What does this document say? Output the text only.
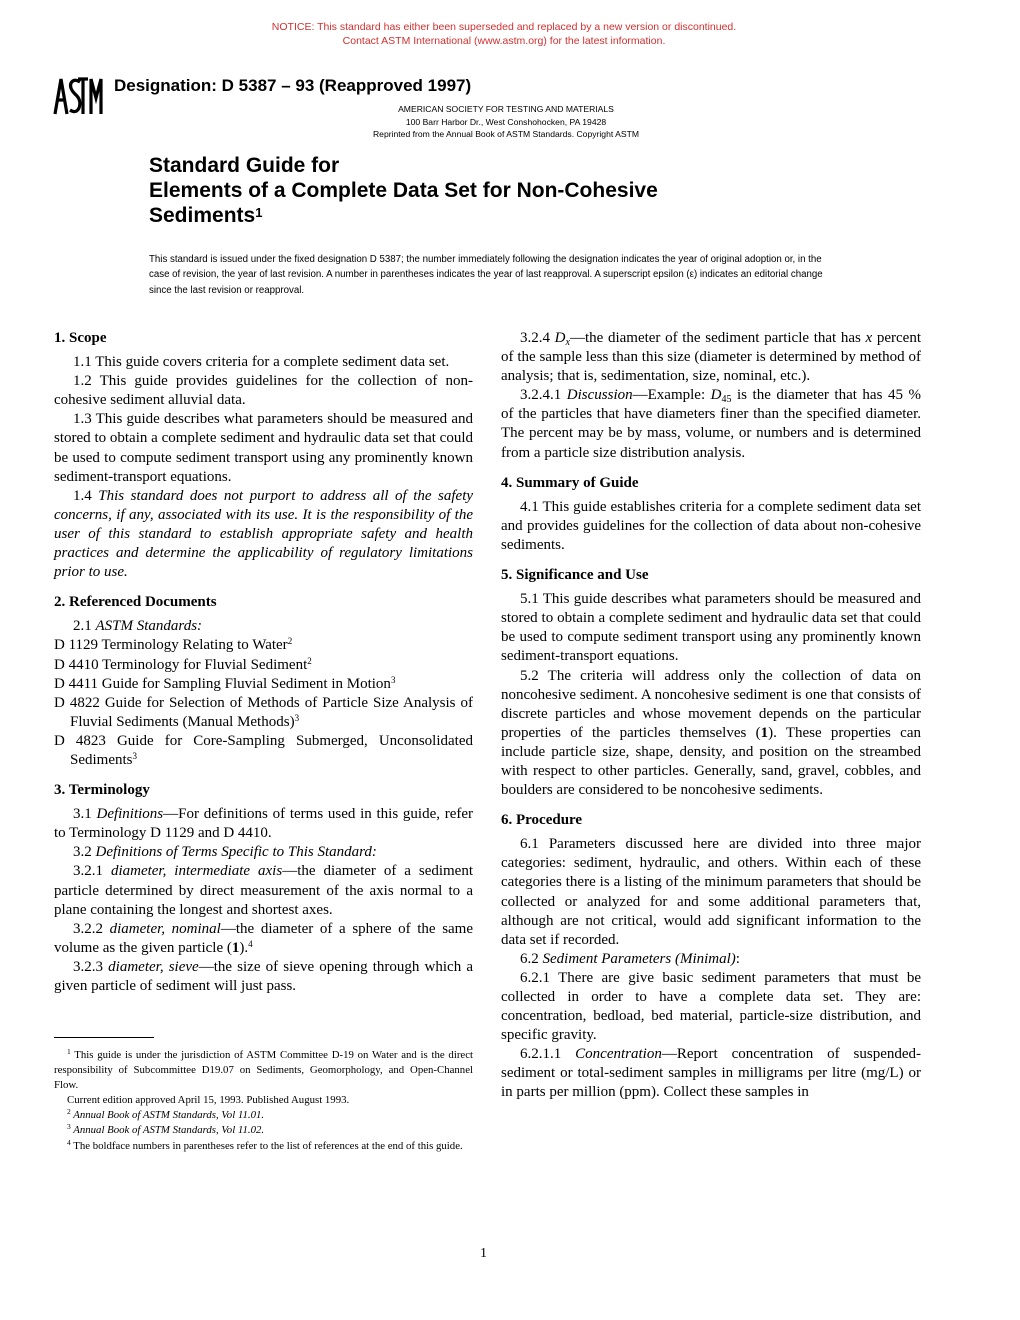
NOTICE: This standard has either been superseded and replaced by a new version or discontinued.
Contact ASTM International (www.astm.org) for the latest information.
Designation: D 5387 – 93 (Reapproved 1997)
AMERICAN SOCIETY FOR TESTING AND MATERIALS
100 Barr Harbor Dr., West Conshohocken, PA 19428
Reprinted from the Annual Book of ASTM Standards. Copyright ASTM
Standard Guide for
Elements of a Complete Data Set for Non-Cohesive
Sediments$^1$
This standard is issued under the fixed designation D 5387; the number immediately following the designation indicates the year of original adoption or, in the case of revision, the year of last revision. A number in parentheses indicates the year of last reapproval. A superscript epsilon (ε) indicates an editorial change since the last revision or reapproval.

1. Scope

1.1 This guide covers criteria for a complete sediment data set.

1.2 This guide provides guidelines for the collection of non-cohesive sediment alluvial data.

1.3 This guide describes what parameters should be measured and stored to obtain a complete sediment and hydraulic data set that could be used to compute sediment transport using any prominently known sediment-transport equations.

1.4 This standard does not purport to address all of the safety concerns, if any, associated with its use. It is the responsibility of the user of this standard to establish appropriate safety and health practices and determine the applicability of regulatory limitations prior to use.

2. Referenced Documents

2.1 ASTM Standards:

D 1129 Terminology Relating to Water$^2$

D 4410 Terminology for Fluvial Sediment$^2$

D 4411 Guide for Sampling Fluvial Sediment in Motion$^3$

D 4822 Guide for Selection of Methods of Particle Size Analysis of Fluvial Sediments (Manual Methods)$^3$

D 4823 Guide for Core-Sampling Submerged, Unconsolidated Sediments$^3$

3. Terminology

3.1 Definitions—For definitions of terms used in this guide, refer to Terminology D 1129 and D 4410.

3.2 Definitions of Terms Specific to This Standard:

3.2.1 diameter, intermediate axis—the diameter of a sediment particle determined by direct measurement of the axis normal to a plane containing the longest and shortest axes.

3.2.2 diameter, nominal—the diameter of a sphere of the same volume as the given particle (1).$^4$

3.2.3 diameter, sieve—the size of sieve opening through which a given particle of sediment will just pass.

$^1$ This guide is under the jurisdiction of ASTM Committee D-19 on Water and is the direct responsibility of Subcommittee D19.07 on Sediments, Geomorphology, and Open-Channel Flow.

Current edition approved April 15, 1993. Published August 1993.

$^2$ Annual Book of ASTM Standards, Vol 11.01.

$^3$ Annual Book of ASTM Standards, Vol 11.02.

$^4$ The boldface numbers in parentheses refer to the list of references at the end of this guide.

3.2.4 $D_x—the$ diameter of the sediment particle that has x percent of the sample less than this size (diameter is determined by method of analysis; that is, sedimentation, size, nominal, etc.).

3.2.4.1 Discussion—Example: $D_{45}$ is the diameter that has 45 % of the particles that have diameters finer than the specified diameter. The percent may be by mass, volume, or numbers and is determined from a particle size distribution analysis.

4. Summary of Guide

4.1 This guide establishes criteria for a complete sediment data set and provides guidelines for the collection of data about non-cohesive sediments.

5. Significance and Use

5.1 This guide describes what parameters should be measured and stored to obtain a complete sediment and hydraulic data set that could be used to compute sediment transport using any prominently known sediment-transport equations.

5.2 The criteria will address only the collection of data on noncohesive sediment. A noncohesive sediment is one that consists of discrete particles and whose movement depends on the particular properties of the particles themselves (1). These properties can include particle size, shape, density, and position on the streambed with respect to other particles. Generally, sand, gravel, cobbles, and boulders are considered to be noncohesive sediments.

6. Procedure

6.1 Parameters discussed here are divided into three major categories: sediment, hydraulic, and others. Within each of these categories there is a listing of the minimum parameters that should be collected or analyzed for and some additional parameters that, although are not critical, would add significant information to the data set if recorded.

6.2 Sediment Parameters (Minimal):

6.2.1 There are give basic sediment parameters that must be collected in order to have a complete data set. They are: concentration, bedload, bed material, particle-size distribution, and specific gravity.

6.2.1.1 Concentration—Report concentration of suspended-sediment or total-sediment samples in milligrams per litre (mg/L) or in parts per million (ppm). Collect these samples in

1
